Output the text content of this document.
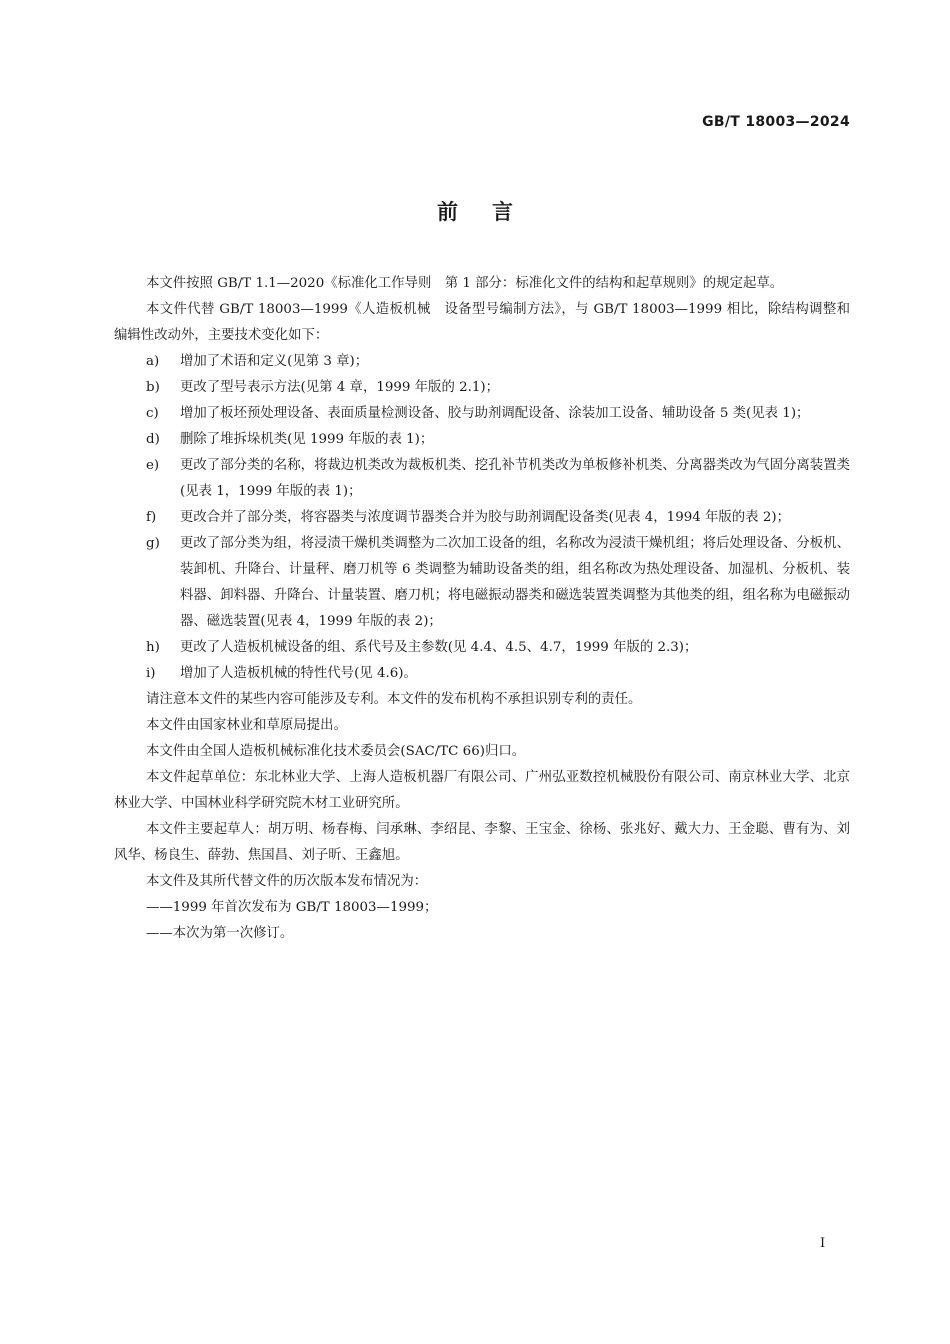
GB/T 18003—2024
前言

本文件按照 GB/T 1.1—2020《标准化工作导则　第 1 部分：标准化文件的结构和起草规则》的规定起草。

本文件代替 GB/T 18003—1999《人造板机械　设备型号编制方法》，与 GB/T 18003—1999 相比，除结构调整和编辑性改动外，主要技术变化如下：

a)	增加了术语和定义(见第 3 章)；
b)	更改了型号表示方法(见第 4 章，1999 年版的 2.1)；
c)	增加了板坯预处理设备、表面质量检测设备、胶与助剂调配设备、涂装加工设备、辅助设备 5 类(见表 1)；
d)	删除了堆拆垛机类(见 1999 年版的表 1)；
e)	更改了部分类的名称，将裁边机类改为裁板机类、挖孔补节机类改为单板修补机类、分离器类改为气固分离装置类(见表 1，1999 年版的表 1)；
f)	更改合并了部分类，将容器类与浓度调节器类合并为胶与助剂调配设备类(见表 4，1994 年版的表 2)；
g)	更改了部分类为组，将浸渍干燥机类调整为二次加工设备的组，名称改为浸渍干燥机组；将后处理设备、分板机、装卸机、升降台、计量秤、磨刀机等 6 类调整为辅助设备类的组，组名称改为热处理设备、加湿机、分板机、装料器、卸料器、升降台、计量装置、磨刀机；将电磁振动器类和磁选装置类调整为其他类的组，组名称为电磁振动器、磁选装置(见表 4，1999 年版的表 2)；
h)	更改了人造板机械设备的组、系代号及主参数(见 4.4、4.5、4.7，1999 年版的 2.3)；
i)	增加了人造板机械的特性代号(见 4.6)。

请注意本文件的某些内容可能涉及专利。本文件的发布机构不承担识别专利的责任。

本文件由国家林业和草原局提出。

本文件由全国人造板机械标准化技术委员会(SAC/TC 66)归口。

本文件起草单位：东北林业大学、上海人造板机器厂有限公司、广州弘亚数控机械股份有限公司、南京林业大学、北京林业大学、中国林业科学研究院木材工业研究所。

本文件主要起草人：胡万明、杨春梅、闫承琳、李绍昆、李黎、王宝金、徐杨、张兆好、戴大力、王金聪、曹有为、刘风华、杨良生、薛勃、焦国昌、刘子昕、王鑫旭。

本文件及其所代替文件的历次版本发布情况为：

——1999 年首次发布为 GB/T 18003—1999；

——本次为第一次修订。

I
